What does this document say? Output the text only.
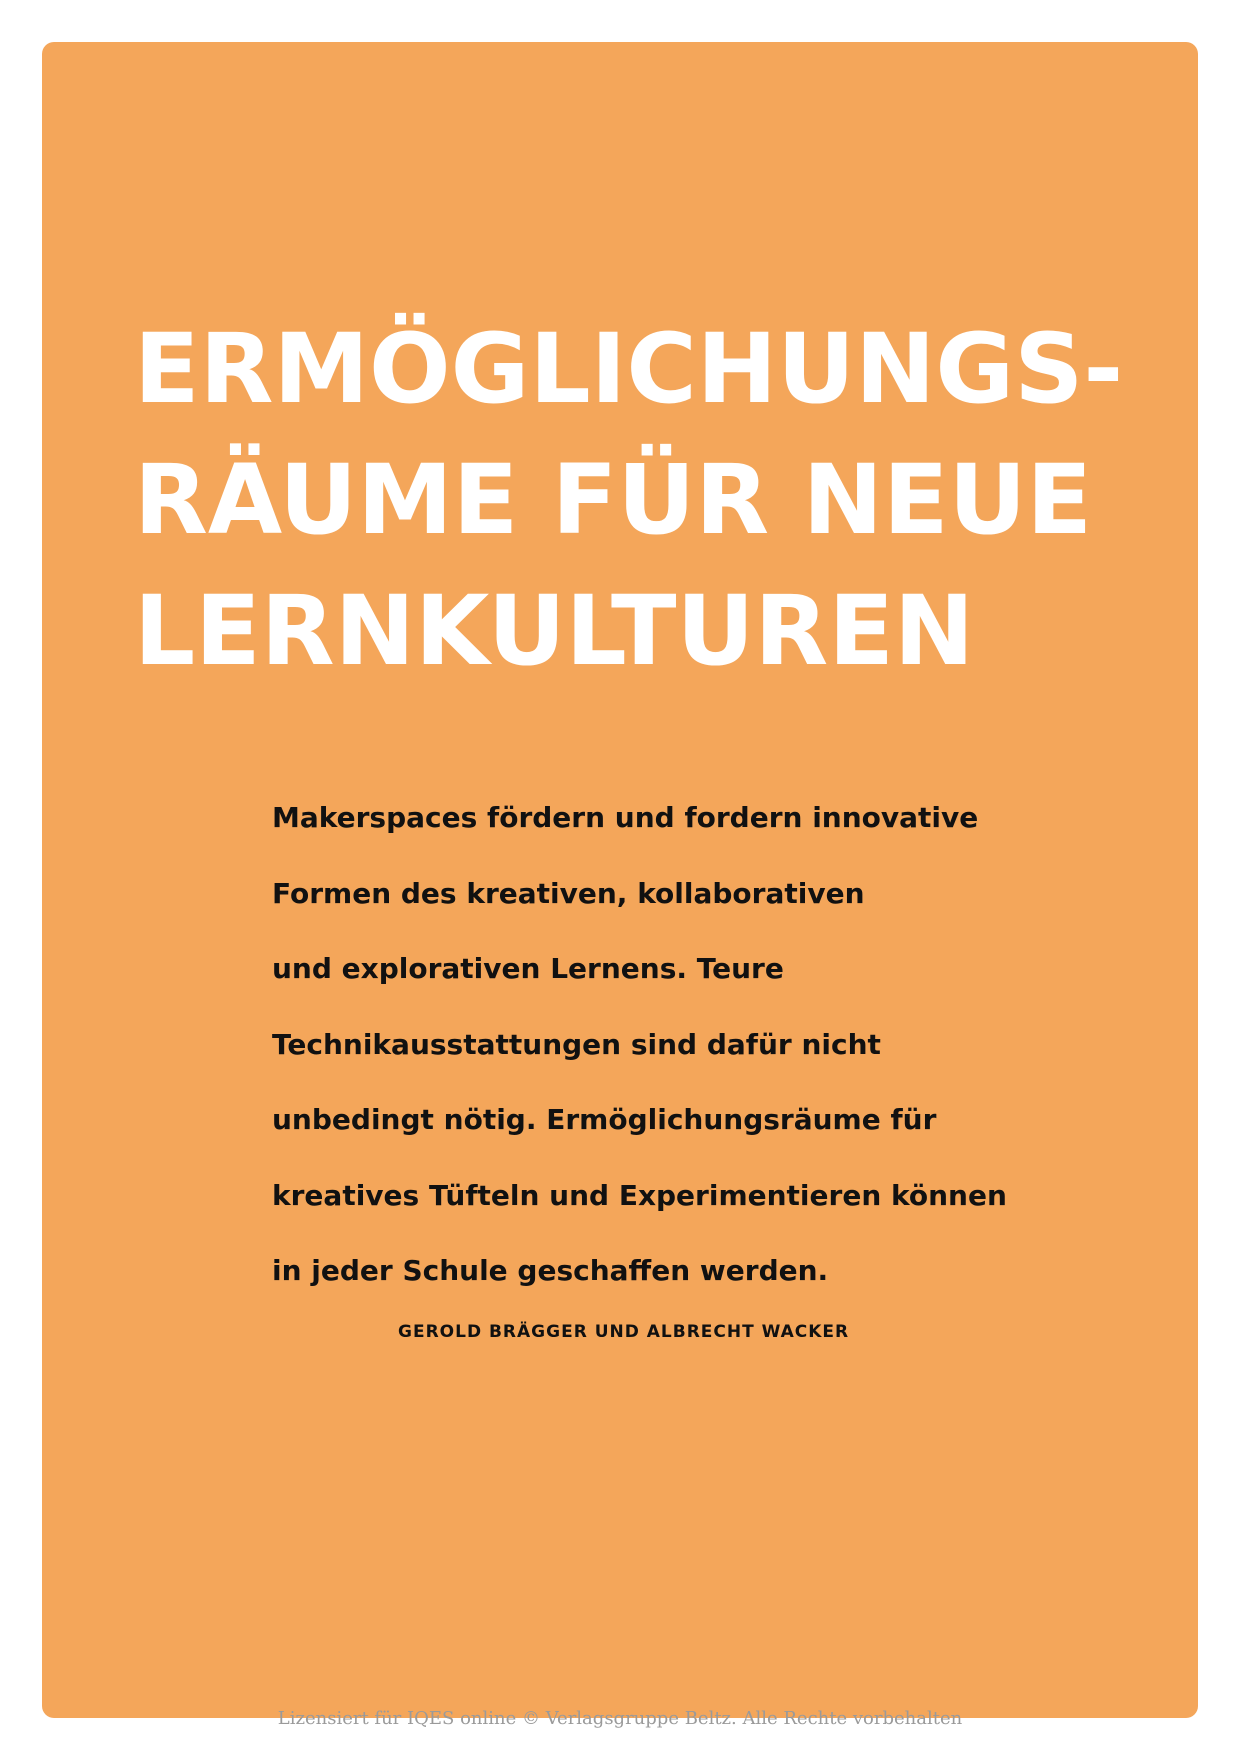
ERMÖGLICHUNGS-
RÄUME FÜR NEUE
LERNKULTUREN

Makerspaces fördern und fordern innovative
Formen des kreativen, kollaborativen
und explorativen Lernens. Teure
Technikausstattungen sind dafür nicht
unbedingt nötig. Ermöglichungsräume für
kreatives Tüfteln und Experimentieren können
in jeder Schule geschaffen werden.

GEROLD BRÄGGER UND ALBRECHT WACKER

Lizensiert für IQES online © Verlagsgruppe Beltz. Alle Rechte vorbehalten
